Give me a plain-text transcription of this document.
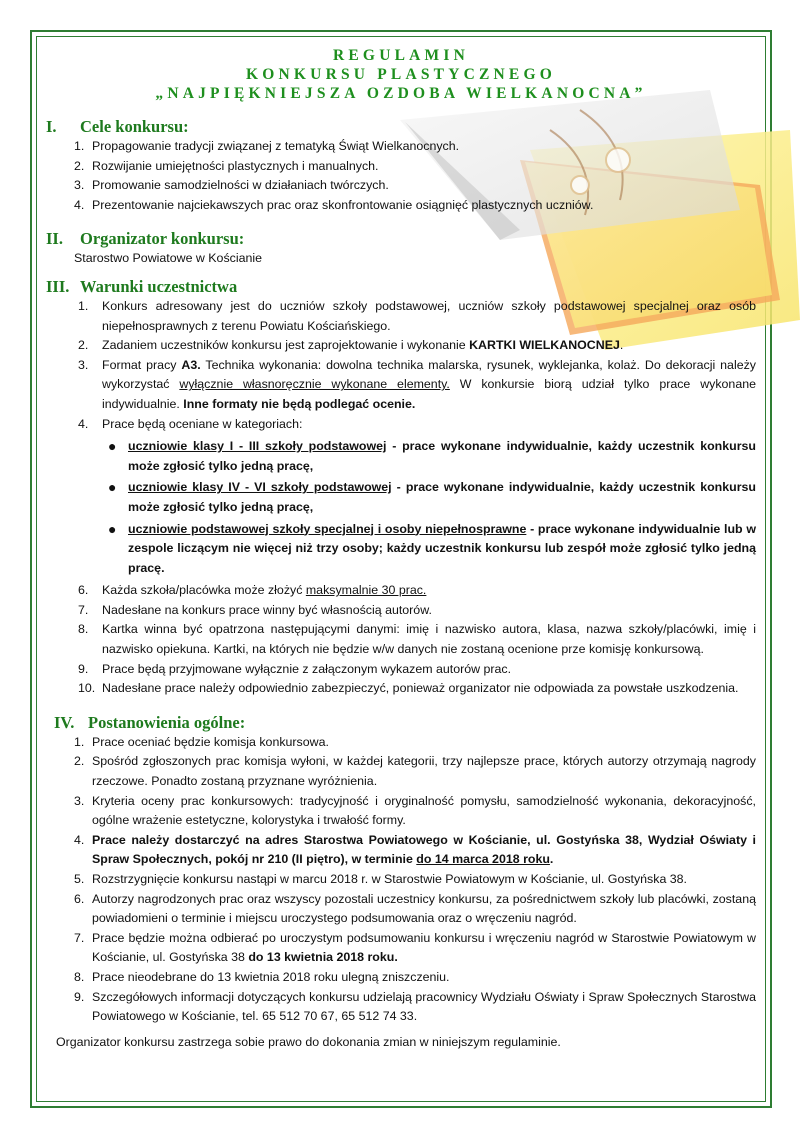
REGULAMIN

KONKURSU PLASTYCZNEGO

„NAJPIĘKNIEJSZA OZDOBA WIELKANOCNA”

I. Cele konkursu:

1. Propagowanie tradycji związanej z tematyką Świąt Wielkanocnych.
2. Rozwijanie umiejętności plastycznych i manualnych.
3. Promowanie samodzielności w działaniach twórczych.
4. Prezentowanie najciekawszych prac oraz skonfrontowanie osiągnięć plastycznych uczniów.

II. Organizator konkursu:

Starostwo Powiatowe w Kościanie

III. Warunki uczestnictwa

1. Konkurs adresowany jest do uczniów szkoły podstawowej, uczniów szkoły podstawowej specjalnej oraz osób niepełnosprawnych z terenu Powiatu Kościańskiego.
2. Zadaniem uczestników konkursu jest zaprojektowanie i wykonanie KARTKI WIELKANOCNEJ.
3. Format pracy A3. Technika wykonania: dowolna technika malarska, rysunek, wyklejanka, kolaż. Do dekoracji należy wykorzystać wyłącznie własnoręcznie wykonane elementy. W konkursie biorą udział tylko prace wykonane indywidualnie. Inne formaty nie będą podlegać ocenie.
4. Prace będą oceniane w kategoriach:
● uczniowie klasy I - III szkoły podstawowej - prace wykonane indywidualnie, każdy uczestnik konkursu może zgłosić tylko jedną pracę,
● uczniowie klasy IV - VI szkoły podstawowej - prace wykonane indywidualnie, każdy uczestnik konkursu może zgłosić tylko jedną pracę,
● uczniowie podstawowej szkoły specjalnej i osoby niepełnosprawne - prace wykonane indywidualnie lub w zespole liczącym nie więcej niż trzy osoby; każdy uczestnik konkursu lub zespół może zgłosić tylko jedną pracę.
6. Każda szkoła/placówka może złożyć maksymalnie 30 prac.
7. Nadesłane na konkurs prace winny być własnością autorów.
8. Kartka winna być opatrzona następującymi danymi: imię i nazwisko autora, klasa, nazwa szkoły/placówki, imię i nazwisko opiekuna. Kartki, na których nie będzie w/w danych nie zostaną ocenione prze komisję konkursową.
9. Prace będą przyjmowane wyłącznie z załączonym wykazem autorów prac.
10. Nadesłane prace należy odpowiednio zabezpieczyć, ponieważ organizator nie odpowiada za powstałe uszkodzenia.

IV. Postanowienia ogólne:

1. Prace oceniać będzie komisja konkursowa.
2. Spośród zgłoszonych prac komisja wyłoni, w każdej kategorii, trzy najlepsze prace, których autorzy otrzymają nagrody rzeczowe. Ponadto zostaną przyznane wyróżnienia.
3. Kryteria oceny prac konkursowych: tradycyjność i oryginalność pomysłu, samodzielność wykonania, dekoracyjność, ogólne wrażenie estetyczne, kolorystyka i trwałość formy.
4. Prace należy dostarczyć na adres Starostwa Powiatowego w Kościanie, ul. Gostyńska 38, Wydział Oświaty i Spraw Społecznych, pokój nr 210 (II piętro), w terminie do 14 marca 2018 roku.
5. Rozstrzygnięcie konkursu nastąpi w marcu 2018 r. w Starostwie Powiatowym w Kościanie, ul. Gostyńska 38.
6. Autorzy nagrodzonych prac oraz wszyscy pozostali uczestnicy konkursu, za pośrednictwem szkoły lub placówki, zostaną powiadomieni o terminie i miejscu uroczystego podsumowania oraz o wręczeniu nagród.
7. Prace będzie można odbierać po uroczystym podsumowaniu konkursu i wręczeniu nagród w Starostwie Powiatowym w Kościanie, ul. Gostyńska 38 do 13 kwietnia 2018 roku.
8. Prace nieodebrane do 13 kwietnia 2018 roku ulegną zniszczeniu.
9. Szczegółowych informacji dotyczących konkursu udzielają pracownicy Wydziału Oświaty i Spraw Społecznych Starostwa Powiatowego w Kościanie, tel. 65 512 70 67, 65 512 74 33.

Organizator konkursu zastrzega sobie prawo do dokonania zmian w niniejszym regulaminie.
